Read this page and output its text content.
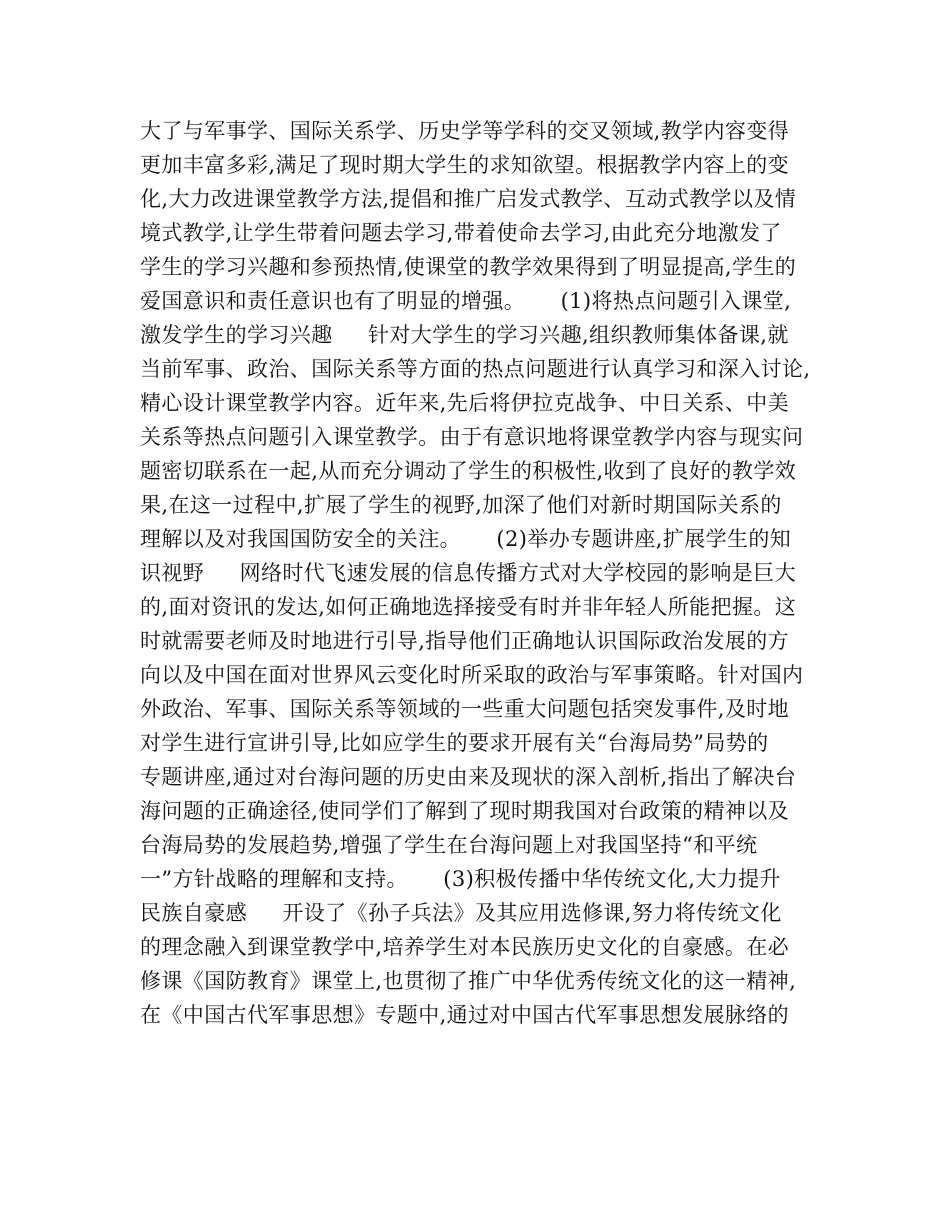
大了与军事学、国际关系学、历史学等学科的交叉领域,教学内容变得
更加丰富多彩,满足了现时期大学生的求知欲望。根据教学内容上的变
化,大力改进课堂教学方法,提倡和推广启发式教学、互动式教学以及情
境式教学,让学生带着问题去学习,带着使命去学习,由此充分地激发了
学生的学习兴趣和参预热情,使课堂的教学效果得到了明显提高,学生的
爱国意识和责任意识也有了明显的增强。     (1)将热点问题引入课堂,
激发学生的学习兴趣     针对大学生的学习兴趣,组织教师集体备课,就
当前军事、政治、国际关系等方面的热点问题进行认真学习和深入讨论,
精心设计课堂教学内容。近年来,先后将伊拉克战争、中日关系、中美
关系等热点问题引入课堂教学。由于有意识地将课堂教学内容与现实问
题密切联系在一起,从而充分调动了学生的积极性,收到了良好的教学效
果,在这一过程中,扩展了学生的视野,加深了他们对新时期国际关系的
理解以及对我国国防安全的关注。     (2)举办专题讲座,扩展学生的知
识视野     网络时代飞速发展的信息传播方式对大学校园的影响是巨大
的,面对资讯的发达,如何正确地选择接受有时并非年轻人所能把握。这
时就需要老师及时地进行引导,指导他们正确地认识国际政治发展的方
向以及中国在面对世界风云变化时所采取的政治与军事策略。针对国内
外政治、军事、国际关系等领域的一些重大问题包括突发事件,及时地
对学生进行宣讲引导,比如应学生的要求开展有关“台海局势”局势的
专题讲座,通过对台海问题的历史由来及现状的深入剖析,指出了解决台
海问题的正确途径,使同学们了解到了现时期我国对台政策的精神以及
台海局势的发展趋势,增强了学生在台海问题上对我国坚持“和平统
一”方针战略的理解和支持。     (3)积极传播中华传统文化,大力提升
民族自豪感     开设了《孙子兵法》及其应用选修课,努力将传统文化
的理念融入到课堂教学中,培养学生对本民族历史文化的自豪感。在必
修课《国防教育》课堂上,也贯彻了推广中华优秀传统文化的这一精神,
在《中国古代军事思想》专题中,通过对中国古代军事思想发展脉络的
